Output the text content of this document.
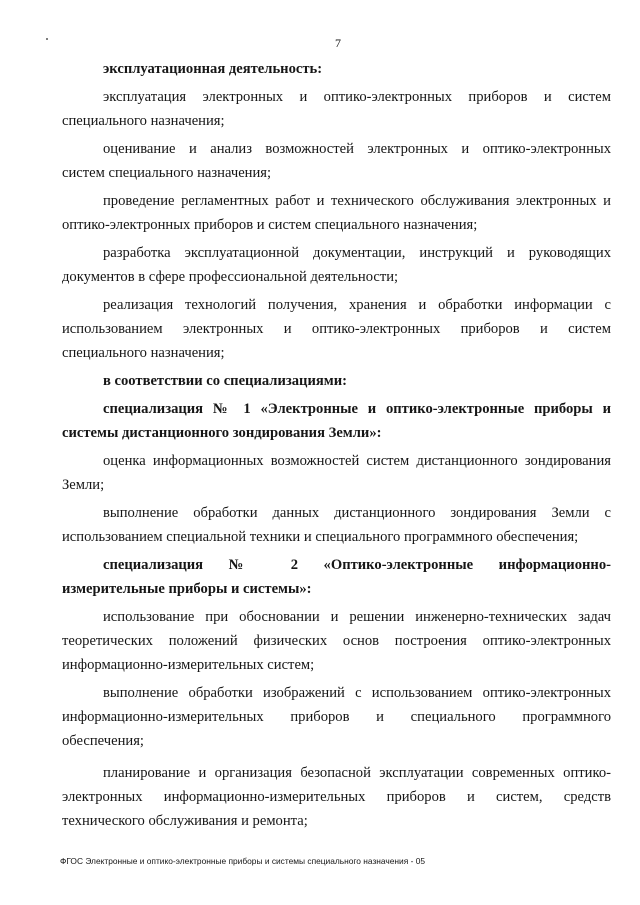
7
эксплуатационная деятельность:
эксплуатация электронных и оптико-электронных приборов и систем
специального назначения;
оценивание и анализ возможностей электронных и оптико-электронных
систем специального назначения;
проведение регламентных работ и технического обслуживания электронных и
оптико-электронных приборов и систем специального назначения;
разработка эксплуатационной документации, инструкций и руководящих
документов в сфере профессиональной деятельности;
реализация технологий получения, хранения и обработки информации с
использованием электронных и оптико-электронных приборов и систем
специального назначения;
в соответствии со специализациями:
специализация № 1 «Электронные и оптико-электронные приборы и
системы дистанционного зондирования Земли»:
оценка информационных возможностей систем дистанционного зондирования
Земли;
выполнение обработки данных дистанционного зондирования Земли с
использованием специальной техники и специального программного обеспечения;
специализация № 2 «Оптико-электронные информационно-
измерительные приборы и системы»:
использование при обосновании и решении инженерно-технических задач
теоретических положений физических основ построения оптико-электронных
информационно-измерительных систем;
выполнение обработки изображений с использованием оптико-электронных
информационно-измерительных приборов и специального программного
обеспечения;
планирование и организация безопасной эксплуатации современных оптико-
электронных информационно-измерительных приборов и систем, средств
технического обслуживания и ремонта;
ФГОС Электронные и оптико-электронные приборы и системы специального назначения - 05
